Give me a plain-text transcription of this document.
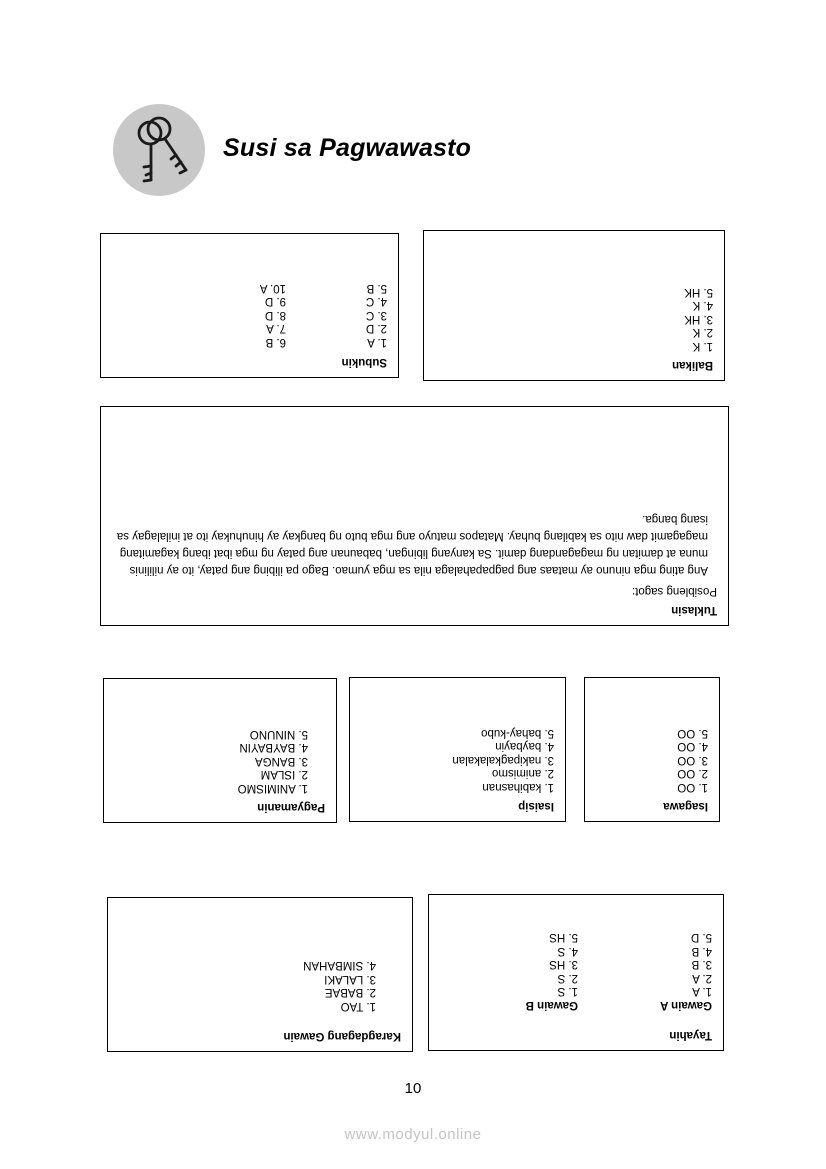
Susi sa Pagwawasto
Balikan
1. K
2. K
3. HK
4. K
5. HK
Subukin
1. A
2. D
3. C
4. C
5. B
6. B
7. A
8. D
9. D
10. A
Tuklasin
Posibleng sagot:
Ang ating mga ninuno ay mataas ang pagpapahalaga nila sa mga yumao. Bago pa ilibing ang patay, ito ay nililinis muna at damitan ng magagandang damit. Sa kanyang libingan, babaunan ang patay ng mga ibat ibang kagamitang magagamit daw nito sa kabilang buhay. Matapos matuyo ang mga buto ng bangkay ay hinuhukay ito at inilalagay sa isang banga.
Isagawa
1. OO
2. OO
3. OO
4. OO
5. OO
Isaisip
1. kabihasnan
2. animismo
3. nakipagkalakalan
4. baybayin
5. bahay-kubo
Pagyamanin
1. ANIMISMO
2. ISLAM
3. BANGA
4. BAYBAYIN
5. NINUNO
Tayahin
Gawain A
1. A
2. A
3. B
4. B
5. D
Gawain B
1. S
2. S
3. HS
4. S
5. HS
Karagdagang Gawain
1. TAO
2. BABAE
3. LALAKI
4. SIMBAHAN
10
www.modyul.online
